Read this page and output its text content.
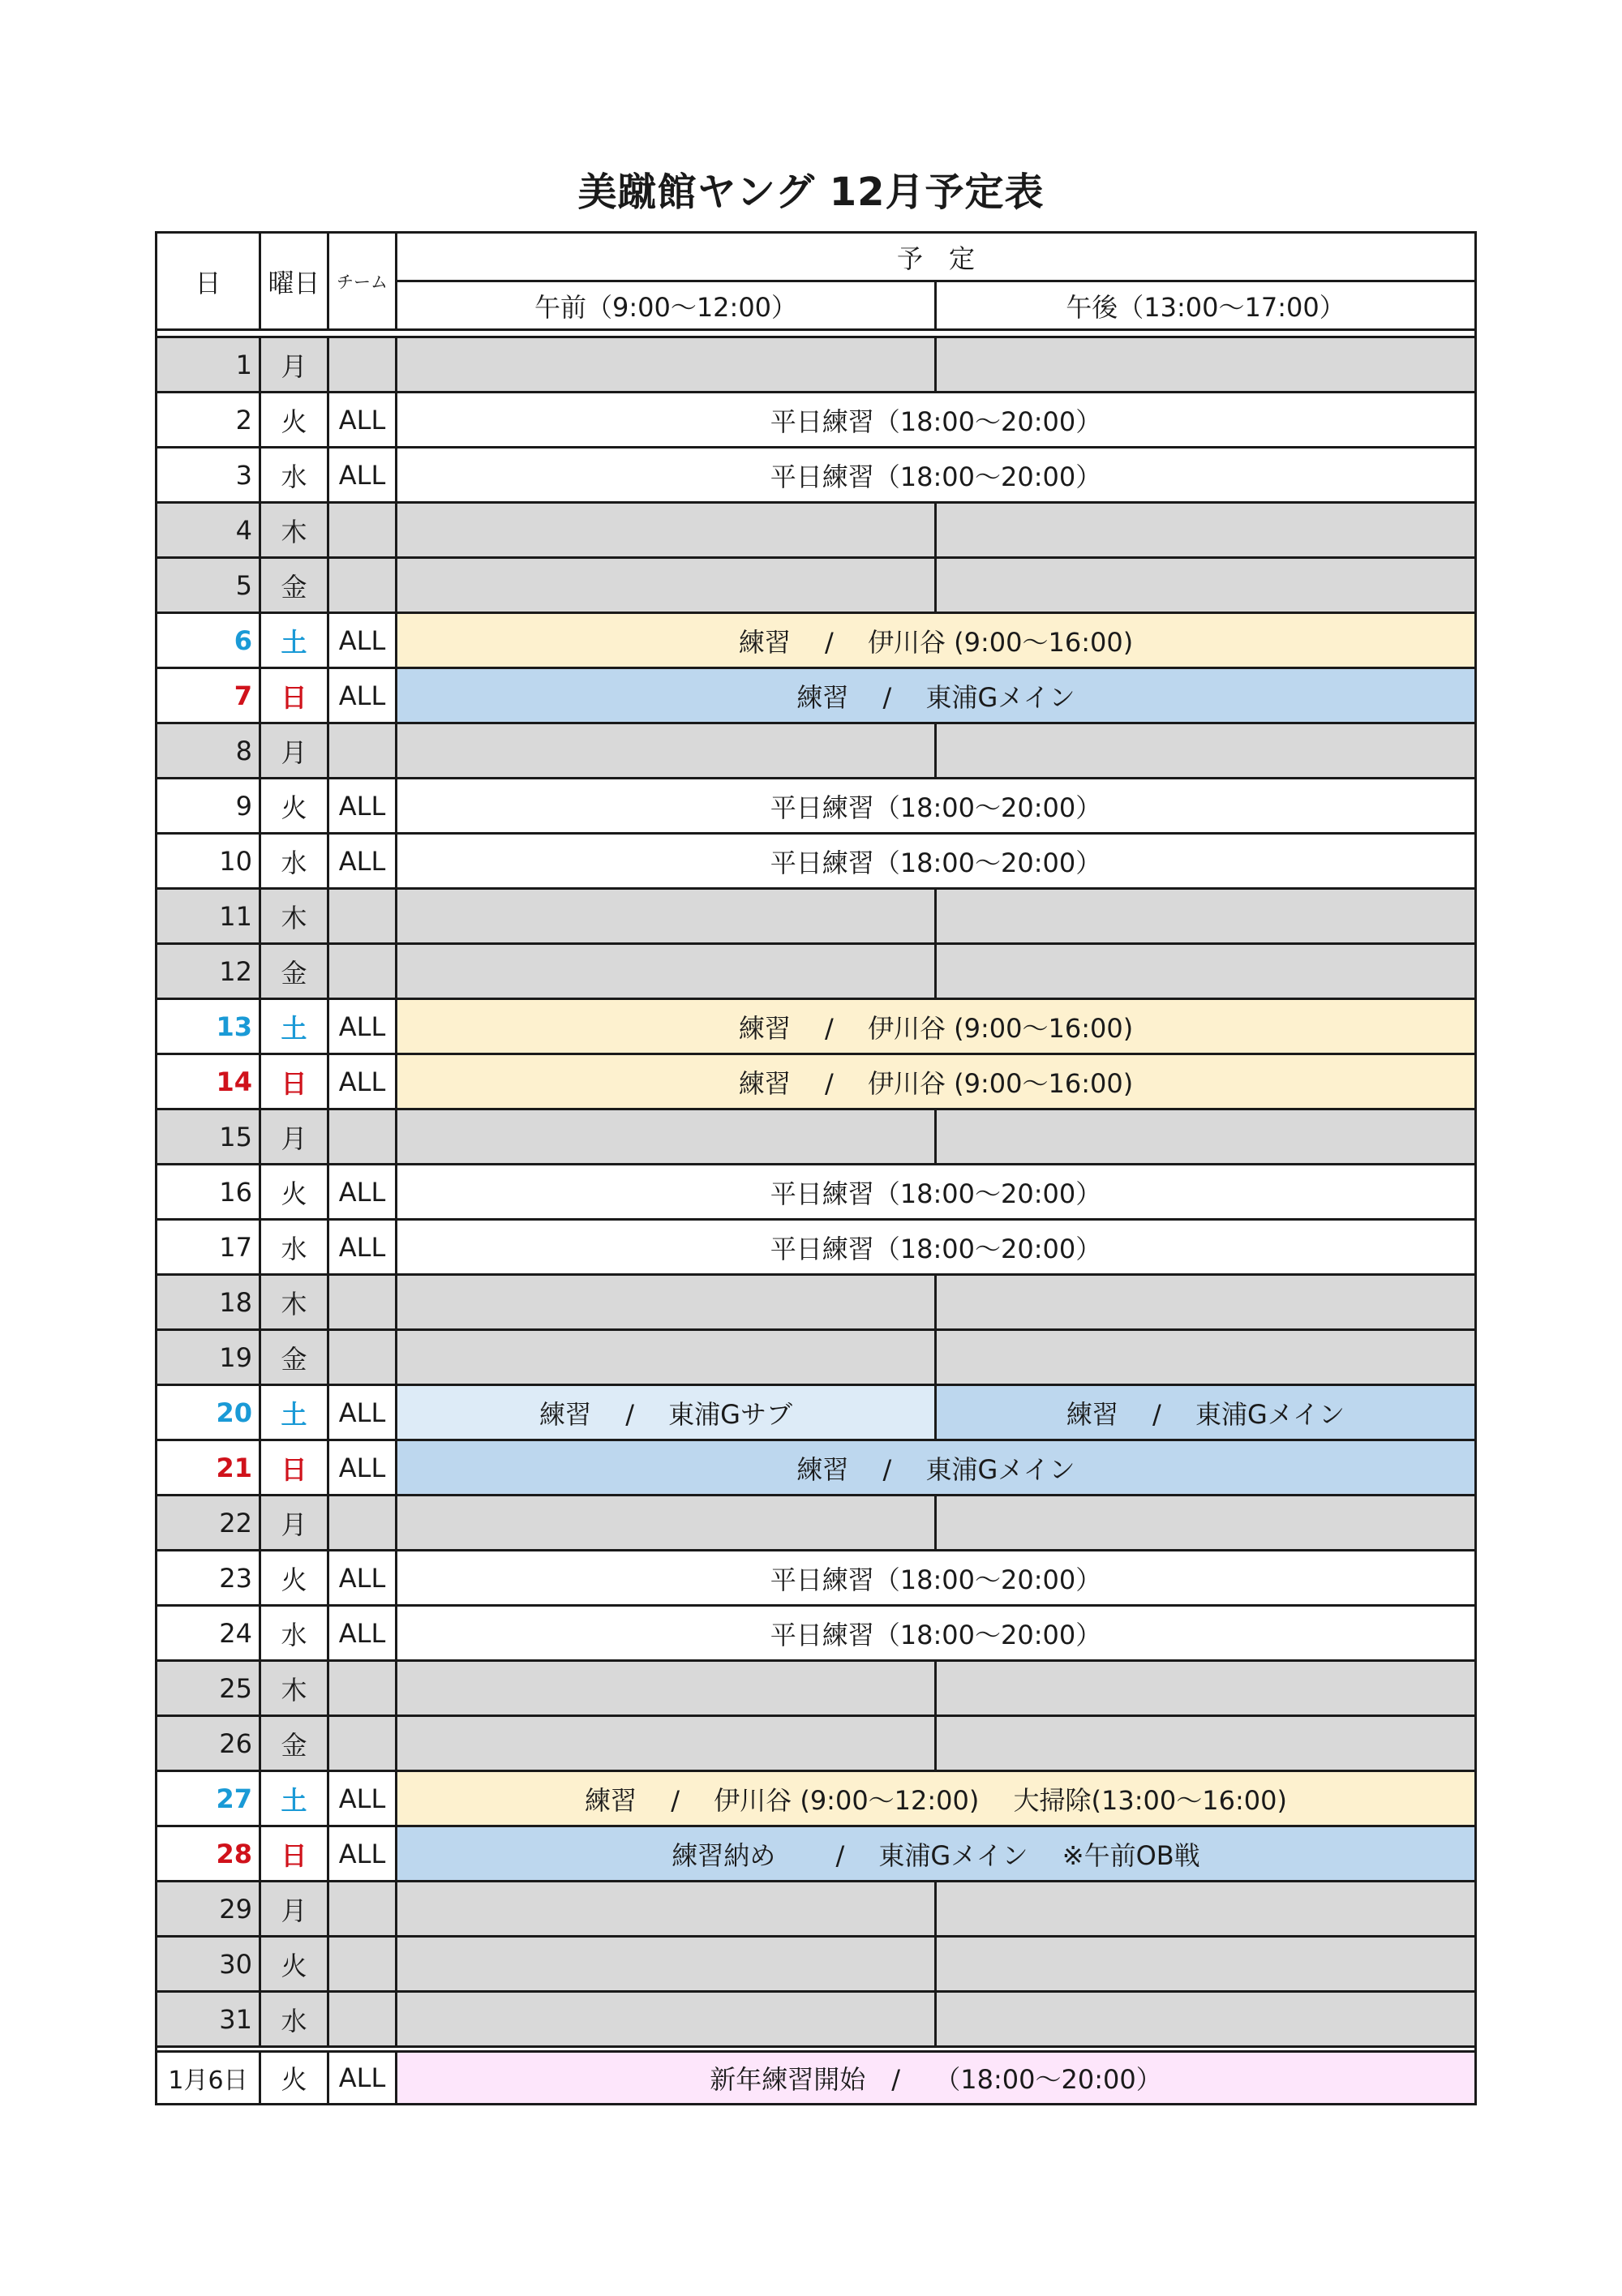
美蹴館ヤング 12月予定表
日	曜日	チーム	予　定	
			午前（9:00～12:00）	午後（13:00～17:00）

1	月			
2	火	ALL	平日練習（18:00～20:00）	
3	水	ALL	平日練習（18:00～20:00）	
4	木			
5	金			
6	土	ALL	練習　 /　 伊川谷 (9:00～16:00)	
7	日	ALL	練習　 /　 東浦Gメイン	
8	月			
9	火	ALL	平日練習（18:00～20:00）	
10	水	ALL	平日練習（18:00～20:00）	
11	木			
12	金			
13	土	ALL	練習　 /　 伊川谷 (9:00～16:00)	
14	日	ALL	練習　 /　 伊川谷 (9:00～16:00)	
15	月			
16	火	ALL	平日練習（18:00～20:00）	
17	水	ALL	平日練習（18:00～20:00）	
18	木			
19	金			
20	土	ALL	練習　 /　 東浦Gサブ	練習　 /　 東浦Gメイン
21	日	ALL	練習　 /　 東浦Gメイン	
22	月			
23	火	ALL	平日練習（18:00～20:00）	
24	水	ALL	平日練習（18:00～20:00）	
25	木			
26	金			
27	土	ALL	練習　 /　 伊川谷 (9:00～12:00)　 大掃除(13:00～16:00)	
28	日	ALL	練習納め　 　/　 東浦Gメイン　 ※午前OB戦	
29	月			
30	火			
31	水			

1月6日	火	ALL	新年練習開始　/　 （18:00～20:00）	
